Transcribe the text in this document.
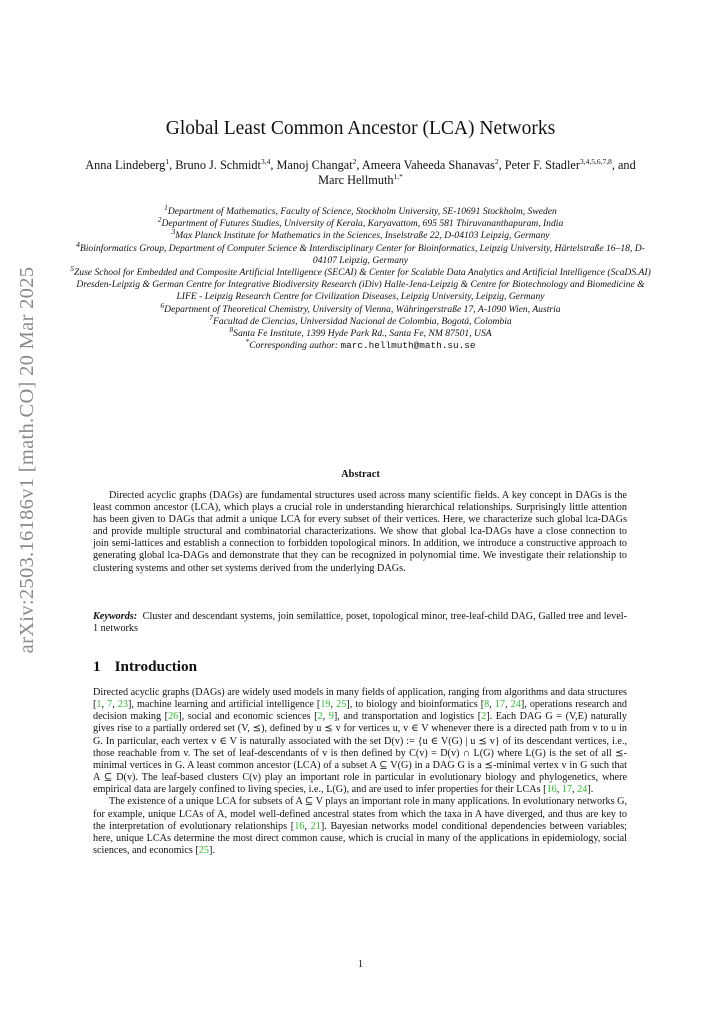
arXiv:2503.16186v1 [math.CO] 20 Mar 2025
Global Least Common Ancestor (LCA) Networks
Anna Lindeberg$^1$, Bruno J. Schmidt$^{3,4}$, Manoj Changat$^2$, Ameera Vaheeda Shanavas$^2$, Peter F. Stadler$^{3,4,5,6,7,8}$, and Marc Hellmuth$^{1,*}$
$^1$Department of Mathematics, Faculty of Science, Stockholm University, SE-10691 Stockholm, Sweden
$^2$Department of Futures Studies, University of Kerala, Karyavattom, 695 581 Thiruvananthapuram, India
$^3$Max Planck Institute for Mathematics in the Sciences, Inselstraße 22, D-04103 Leipzig, Germany
$^4$Bioinformatics Group, Department of Computer Science & Interdisciplinary Center for Bioinformatics, Leipzig University, Härtelstraße 16–18, D-04107 Leipzig, Germany
$^5$Zuse School for Embedded and Composite Artificial Intelligence (SECAI) & Center for Scalable Data Analytics and Artificial Intelligence (ScaDS.AI) Dresden-Leipzig & German Centre for Integrative Biodiversity Research (iDiv) Halle-Jena-Leipzig & Centre for Biotechnology and Biomedicine & LIFE - Leipzig Research Centre for Civilization Diseases, Leipzig University, Leipzig, Germany
$^6$Department of Theoretical Chemistry, University of Vienna, Währingerstraße 17, A-1090 Wien, Austria
$^7$Facultad de Ciencias, Universidad Nacional de Colombia, Bogotá, Colombia
$^8$Santa Fe Institute, 1399 Hyde Park Rd., Santa Fe, NM 87501, USA
*Corresponding author: marc.hellmuth@math.su.se
Abstract
Directed acyclic graphs (DAGs) are fundamental structures used across many scientific fields. A key concept in DAGs is the least common ancestor (LCA), which plays a crucial role in understanding hierarchical relationships. Surprisingly little attention has been given to DAGs that admit a unique LCA for every subset of their vertices. Here, we characterize such global lca-DAGs and provide multiple structural and combinatorial characterizations. We show that global lca-DAGs have a close connection to join semi-lattices and establish a connection to forbidden topological minors. In addition, we introduce a constructive approach to generating global lca-DAGs and demonstrate that they can be recognized in polynomial time. We investigate their relationship to clustering systems and other set systems derived from the underlying DAGs.
Keywords: Cluster and descendant systems, join semilattice, poset, topological minor, tree-leaf-child DAG, Galled tree and level-1 networks
1 Introduction

Directed acyclic graphs (DAGs) are widely used models in many fields of application, ranging from algorithms and data structures [1, 7, 23], machine learning and artificial intelligence [19, 25], to biology and bioinformatics [8, 17, 24], operations research and decision making [26], social and economic sciences [2, 9], and transportation and logistics [2]. Each DAG G = (V,E) naturally gives rise to a partially ordered set (V, ⪯), defined by u ⪯ v for vertices u, v ∈ V whenever there is a directed path from v to u in G. In particular, each vertex v ∈ V is naturally associated with the set D(v) := {u ∈ V(G) | u ⪯ v} of its descendant vertices, i.e., those reachable from v. The set of leaf-descendants of v is then defined by C(v) = D(v) ∩ L(G) where L(G) is the set of all ⪯-minimal vertices in G. A least common ancestor (LCA) of a subset A ⊆ V(G) in a DAG G is a ⪯-minimal vertex v in G such that A ⊆ D(v). The leaf-based clusters C(v) play an important role in particular in evolutionary biology and phylogenetics, where empirical data are largely confined to living species, i.e., L(G), and are used to infer properties for their LCAs [16, 17, 24].

The existence of a unique LCA for subsets of A ⊆ V plays an important role in many applications. In evolutionary networks G, for example, unique LCAs of A, model well-defined ancestral states from which the taxa in A have diverged, and thus are key to the interpretation of evolutionary relationships [16, 21]. Bayesian networks model conditional dependencies between variables; here, unique LCAs determine the most direct common cause, which is crucial in many of the applications in epidemiology, social sciences, and economics [25].

1
